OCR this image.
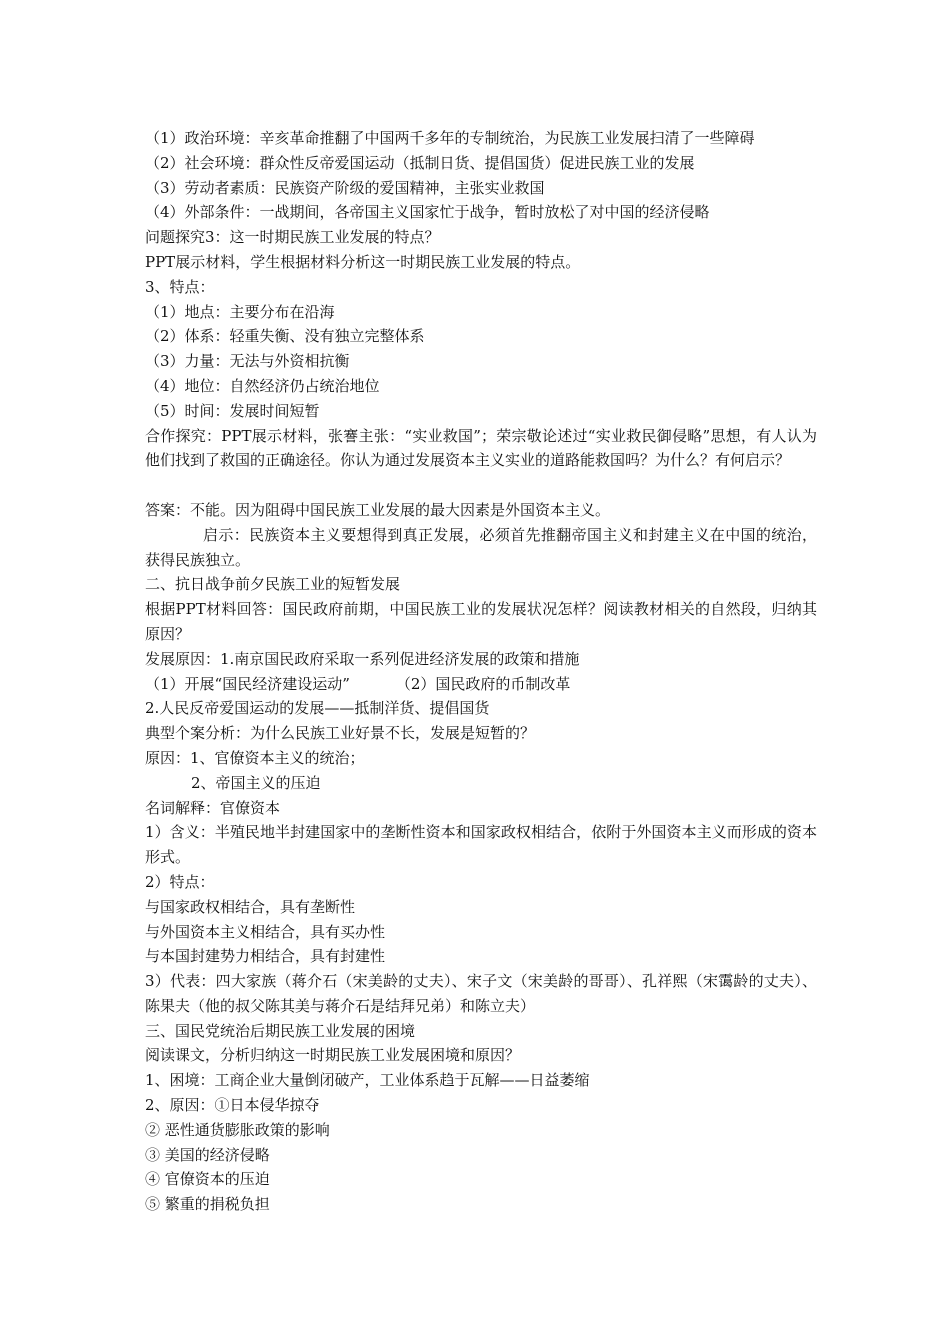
（1）政治环境：辛亥革命推翻了中国两千多年的专制统治，为民族工业发展扫清了一些障碍
（2）社会环境：群众性反帝爱国运动（抵制日货、提倡国货）促进民族工业的发展
（3）劳动者素质：民族资产阶级的爱国精神，主张实业救国
（4）外部条件：一战期间，各帝国主义国家忙于战争，暂时放松了对中国的经济侵略
问题探究3：这一时期民族工业发展的特点？
PPT展示材料，学生根据材料分析这一时期民族工业发展的特点。
3、特点：
（1）地点：主要分布在沿海
（2）体系：轻重失衡、没有独立完整体系
（3）力量：无法与外资相抗衡
（4）地位：自然经济仍占统治地位
（5）时间：发展时间短暂
合作探究：PPT展示材料，张謇主张：“实业救国”；荣宗敬论述过“实业救民御侵略”思想，有人认为他们找到了救国的正确途径。你认为通过发展资本主义实业的道路能救国吗？为什么？有何启示？
答案：不能。因为阻碍中国民族工业发展的最大因素是外国资本主义。
启示：民族资本主义要想得到真正发展，必须首先推翻帝国主义和封建主义在中国的统治，获得民族独立。
二、抗日战争前夕民族工业的短暂发展
根据PPT材料回答：国民政府前期，中国民族工业的发展状况怎样？阅读教材相关的自然段，归纳其原因？
发展原因：1.南京国民政府采取一系列促进经济发展的政策和措施
（1）开展“国民经济建设运动”	（2）国民政府的币制改革
2.人民反帝爱国运动的发展——抵制洋货、提倡国货
典型个案分析：为什么民族工业好景不长，发展是短暂的？
原因：1、官僚资本主义的统治；
2、帝国主义的压迫
名词解释：官僚资本
1）含义：半殖民地半封建国家中的垄断性资本和国家政权相结合，依附于外国资本主义而形成的资本形式。
2）特点：
与国家政权相结合，具有垄断性
与外国资本主义相结合，具有买办性
与本国封建势力相结合，具有封建性
3）代表：四大家族（蒋介石（宋美龄的丈夫）、宋子文（宋美龄的哥哥）、孔祥熙（宋霭龄的丈夫）、陈果夫（他的叔父陈其美与蒋介石是结拜兄弟）和陈立夫）
三、国民党统治后期民族工业发展的困境
阅读课文，分析归纳这一时期民族工业发展困境和原因？
1、困境：工商企业大量倒闭破产，工业体系趋于瓦解——日益萎缩
2、原因：①日本侵华掠夺
② 恶性通货膨胀政策的影响
③ 美国的经济侵略
④ 官僚资本的压迫
⑤ 繁重的捐税负担
